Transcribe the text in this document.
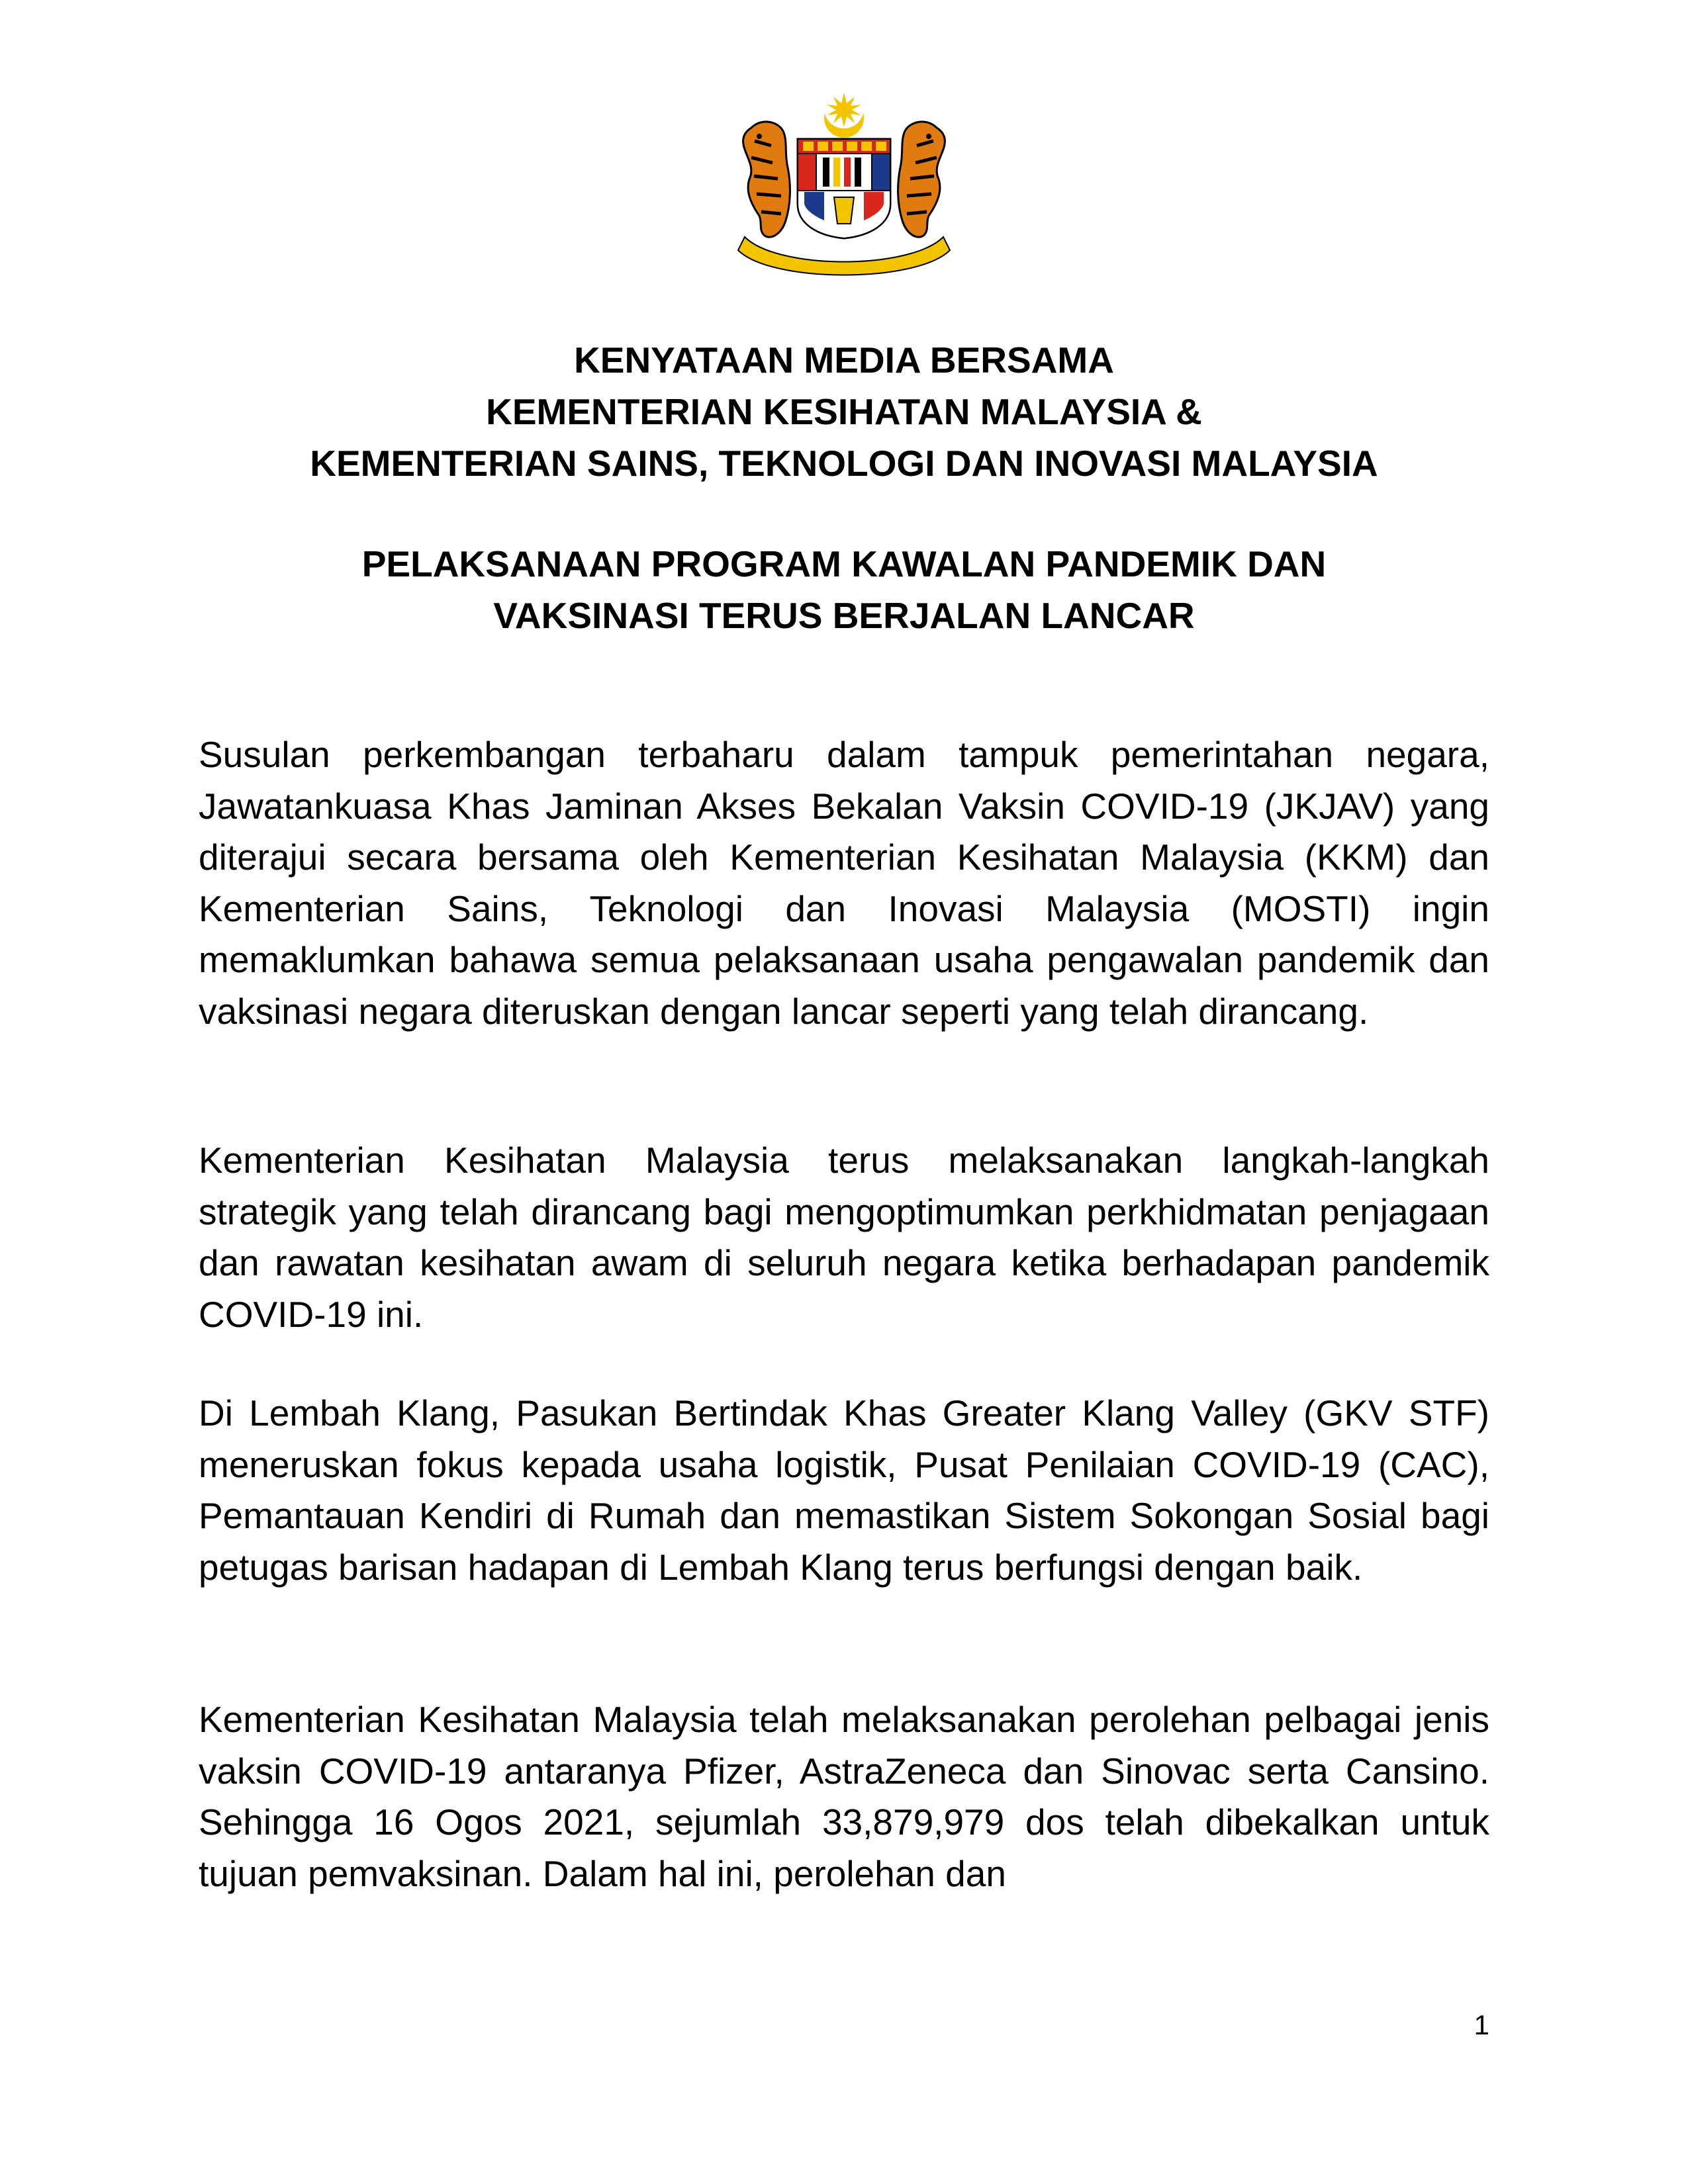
KENYATAAN MEDIA BERSAMA
KEMENTERIAN KESIHATAN MALAYSIA &
KEMENTERIAN SAINS, TEKNOLOGI DAN INOVASI MALAYSIA
PELAKSANAAN PROGRAM KAWALAN PANDEMIK DAN
VAKSINASI TERUS BERJALAN LANCAR

Susulan perkembangan terbaharu dalam tampuk pemerintahan negara, Jawatankuasa Khas Jaminan Akses Bekalan Vaksin COVID-19 (JKJAV) yang diterajui secara bersama oleh Kementerian Kesihatan Malaysia (KKM) dan Kementerian Sains, Teknologi dan Inovasi Malaysia (MOSTI) ingin memaklumkan bahawa semua pelaksanaan usaha pengawalan pandemik dan vaksinasi negara diteruskan dengan lancar seperti yang telah dirancang.

Kementerian Kesihatan Malaysia terus melaksanakan langkah-langkah strategik yang telah dirancang bagi mengoptimumkan perkhidmatan penjagaan dan rawatan kesihatan awam di seluruh negara ketika berhadapan pandemik COVID-19 ini.

Di Lembah Klang, Pasukan Bertindak Khas Greater Klang Valley (GKV STF) meneruskan fokus kepada usaha logistik, Pusat Penilaian COVID-19 (CAC), Pemantauan Kendiri di Rumah dan memastikan Sistem Sokongan Sosial bagi petugas barisan hadapan di Lembah Klang terus berfungsi dengan baik.

Kementerian Kesihatan Malaysia telah melaksanakan perolehan pelbagai jenis vaksin COVID-19 antaranya Pfizer, AstraZeneca dan Sinovac serta Cansino. Sehingga 16 Ogos 2021, sejumlah 33,879,979 dos telah dibekalkan untuk tujuan pemvaksinan. Dalam hal ini, perolehan dan

1
